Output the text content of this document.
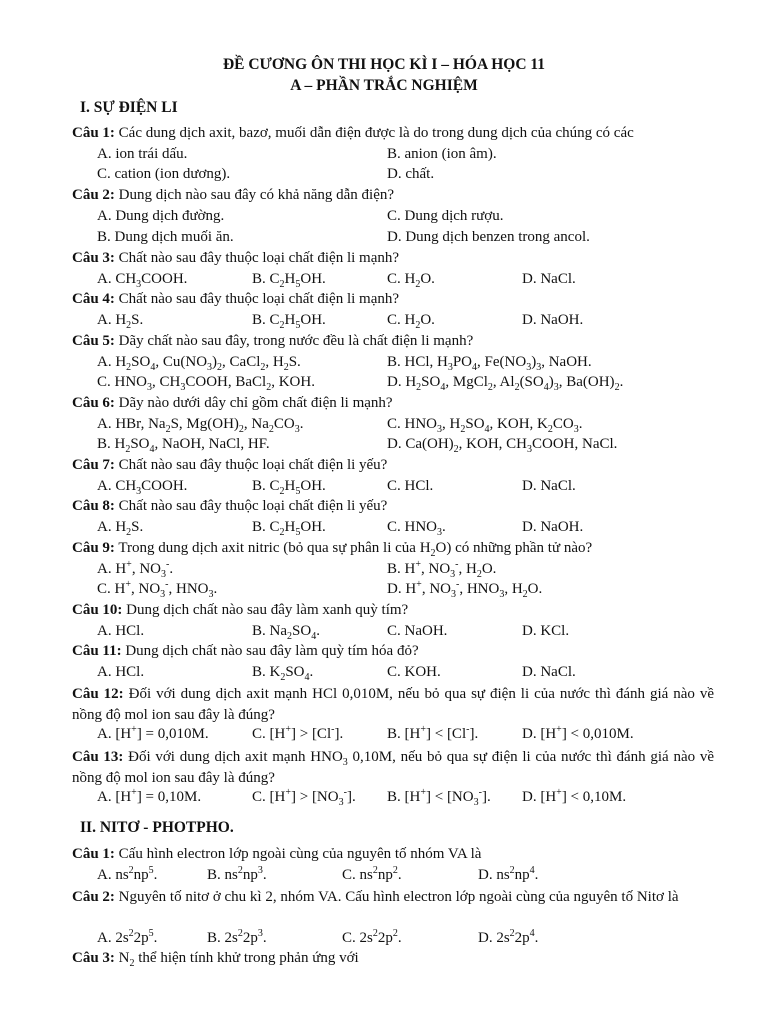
ĐỀ CƯƠNG ÔN THI HỌC KÌ I – HÓA HỌC 11
A – PHẦN TRẮC NGHIỆM
I. SỰ ĐIỆN LI
Câu 1: Các dung dịch axit, bazơ, muối dẫn điện được là do trong dung dịch của chúng có các
A. ion trái dấu.	B. anion (ion âm).
C. cation (ion dương).	D. chất.
Câu 2: Dung dịch nào sau đây có khả năng dẫn điện?
A. Dung dịch đường.	C. Dung dịch rượu.
B. Dung dịch muối ăn.	D. Dung dịch benzen trong ancol.
Câu 3: Chất nào sau đây thuộc loại chất điện li mạnh?
A. $CH_3COOH$.	B. $C_2H_5OH$.	C. $H_2O$.	D. NaCl.
Câu 4: Chất nào sau đây thuộc loại chất điện li mạnh?
A. $H_2S$.	B. $C_2H_5OH$.	C. $H_2O$.	D. NaOH.
Câu 5: Dãy chất nào sau đây, trong nước đều là chất điện li mạnh?
A. $H_2SO_4$, $Cu(NO_3)_2$, CaCl$_2$, $H_2S$.	B. HCl, $H_3PO_4$, $Fe(NO_3)_3$, NaOH.
C. $HNO_3$, $CH_3COOH$, BaCl$_2$, KOH.	D. $H_2SO_4$, MgCl$_2$, $Al_2(SO_4)_3$, $Ba(OH)_2$.
Câu 6: Dãy nào dưới dây chỉ gồm chất điện li mạnh?
A. HBr, $Na_2S$, $Mg(OH)_2$, $Na_2CO_3$.	C. $HNO_3$, $H_2SO_4$, KOH, $K_2CO_3$.
B. $H_2SO_4$, NaOH, NaCl, HF.	D. $Ca(OH)_2$, KOH, $CH_3COOH$, NaCl.
Câu 7: Chất nào sau đây thuộc loại chất điện li yếu?
A. $CH_3COOH$.	B. $C_2H_5OH$.	C. HCl.	D. NaCl.
Câu 8: Chất nào sau đây thuộc loại chất điện li yếu?
A. $H_2S$.	B. $C_2H_5OH$.	C. $HNO_3$.	D. NaOH.
Câu 9: Trong dung dịch axit nitric (bỏ qua sự phân li của $H_2O$) có những phần tử nào?
A. H+, $NO_3^-$.	B. H+, $NO_3^-$, $H_2O$.
C. H+, $NO_3^-$, $HNO_3$.	D. H+, $NO_3^-$, $HNO_3$, $H_2O$.
Câu 10: Dung dịch chất nào sau đây làm xanh quỳ tím?
A. HCl.	B. $Na_2SO_4$.	C. NaOH.	D. KCl.
Câu 11: Dung dịch chất nào sau đây làm quỳ tím hóa đỏ?
A. HCl.	B. $K_2SO_4$.	C. KOH.	D. NaCl.
Câu 12: Đối với dung dịch axit mạnh HCl 0,010M, nếu bỏ qua sự điện li của nước thì đánh giá nào về nồng độ mol ion sau đây là đúng?
A. [H+] = 0,010M.	C. [H+] > [Cl-].	B. [H+] < [Cl-].	D. [H+] < 0,010M.
Câu 13: Đối với dung dịch axit mạnh $HNO_3$ 0,10M, nếu bỏ qua sự điện li của nước thì đánh giá nào về nồng độ mol ion sau đây là đúng?
A. [H+] = 0,10M.	C. $[H^+] > [NO_3^-]$. B. $[H^+] < [NO_3^-]$. D. [H+] < 0,10M.
II. NITƠ - PHOTPHO.
Câu 1: Cấu hình electron lớp ngoài cùng của nguyên tố nhóm VA là
A. $ns^2np^5$.	B. $ns^2np^3$.	C. $ns^2np^2$.	D. $ns^2np^4$.
Câu 2: Nguyên tố nitơ ở chu kì 2, nhóm VA. Cấu hình electron lớp ngoài cùng của nguyên tố Nitơ là
A. $2s^22p^5$.	B. $2s^22p^3$.	C. $2s^22p^2$.	D. $2s^22p^4$.
Câu 3: $N_2$ thể hiện tính khử trong phản ứng với
